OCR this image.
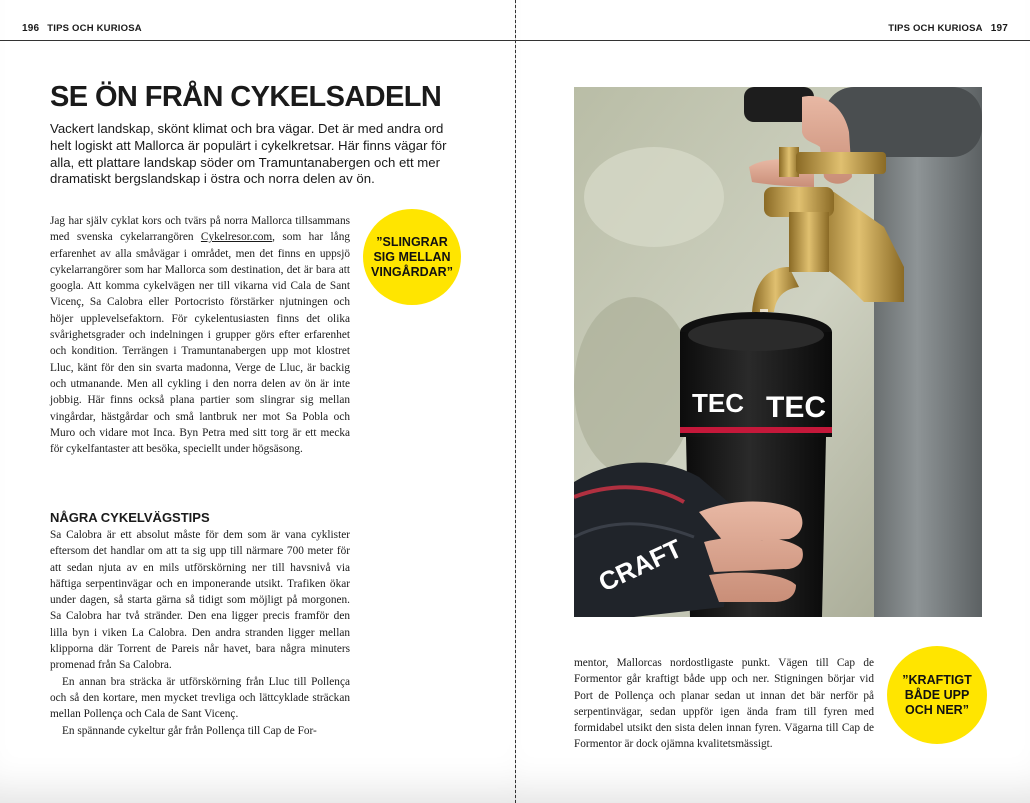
196 TIPS OCH KURIOSA
SE ÖN FRÅN CYKELSADELN

Vackert landskap, skönt klimat och bra vägar. Det är med andra ord helt logiskt att Mallorca är populärt i cykelkretsar. Här finns vägar för alla, ett plattare landskap söder om Tramuntanabergen och ett mer dramatiskt bergslandskap i östra och norra delen av ön.

Jag har själv cyklat kors och tvärs på norra Mallorca tillsammans med svenska cykelarrangören Cykelresor.com, som har lång erfarenhet av alla småvägar i området, men det finns en uppsjö cykelarrangörer som har Mallorca som destination, det är bara att googla. Att komma cykelvägen ner till vikarna vid Cala de Sant Vicenç, Sa Calobra eller Portocristo förstärker njutningen och höjer upplevelsefaktorn. För cykelentusiasten finns det olika svårighetsgrader och indelningen i grupper görs efter erfarenhet och kondition. Terrängen i Tramuntanabergen upp mot klostret Lluc, känt för den sin svarta madonna, Verge de Lluc, är backig och utmanande. Men all cykling i den norra delen av ön är inte jobbig. Här finns också plana partier som slingrar sig mellan vingårdar, hästgårdar och små lantbruk ner mot Sa Pobla och Muro och vidare mot Inca. Byn Petra med sitt torg är ett mecka för cykelfantaster att besöka, speciellt under högsäsong.

”SLINGRAR SIG MELLAN VINGÅRDAR”
NÅGRA CYKELVÄGSTIPS

Sa Calobra är ett absolut måste för dem som är vana cyklister eftersom det handlar om att ta sig upp till närmare 700 meter för att sedan njuta av en mils utförskörning ner till havsnivå via häftiga serpentinvägar och en imponerande utsikt. Trafiken ökar under dagen, så starta gärna så tidigt som möjligt på morgonen. Sa Calobra har två stränder. Den ena ligger precis framför den lilla byn i viken La Calobra. Den andra stranden ligger mellan klipporna där Torrent de Pareis når havet, bara några minuters promenad från Sa Calobra.

En annan bra sträcka är utförskörning från Lluc till Pollença och så den kortare, men mycket trevliga och lättcyklade sträckan mellan Pollença och Cala de Sant Vicenç.

En spännande cykeltur går från Pollença till Cap de For-

TIPS OCH KURIOSA 197
TEC TEC
CRAFT

mentor, Mallorcas nordostligaste punkt. Vägen till Cap de Formentor går kraftigt både upp och ner. Stigningen börjar vid Port de Pollença och planar sedan ut innan det bär nerför på serpentinvägar, sedan uppför igen ända fram till fyren med formidabel utsikt den sista delen innan fyren. Vägarna till Cap de Formentor är dock ojämna kvalitetsmässigt.

”KRAFTIGT BÅDE UPP OCH NER”
